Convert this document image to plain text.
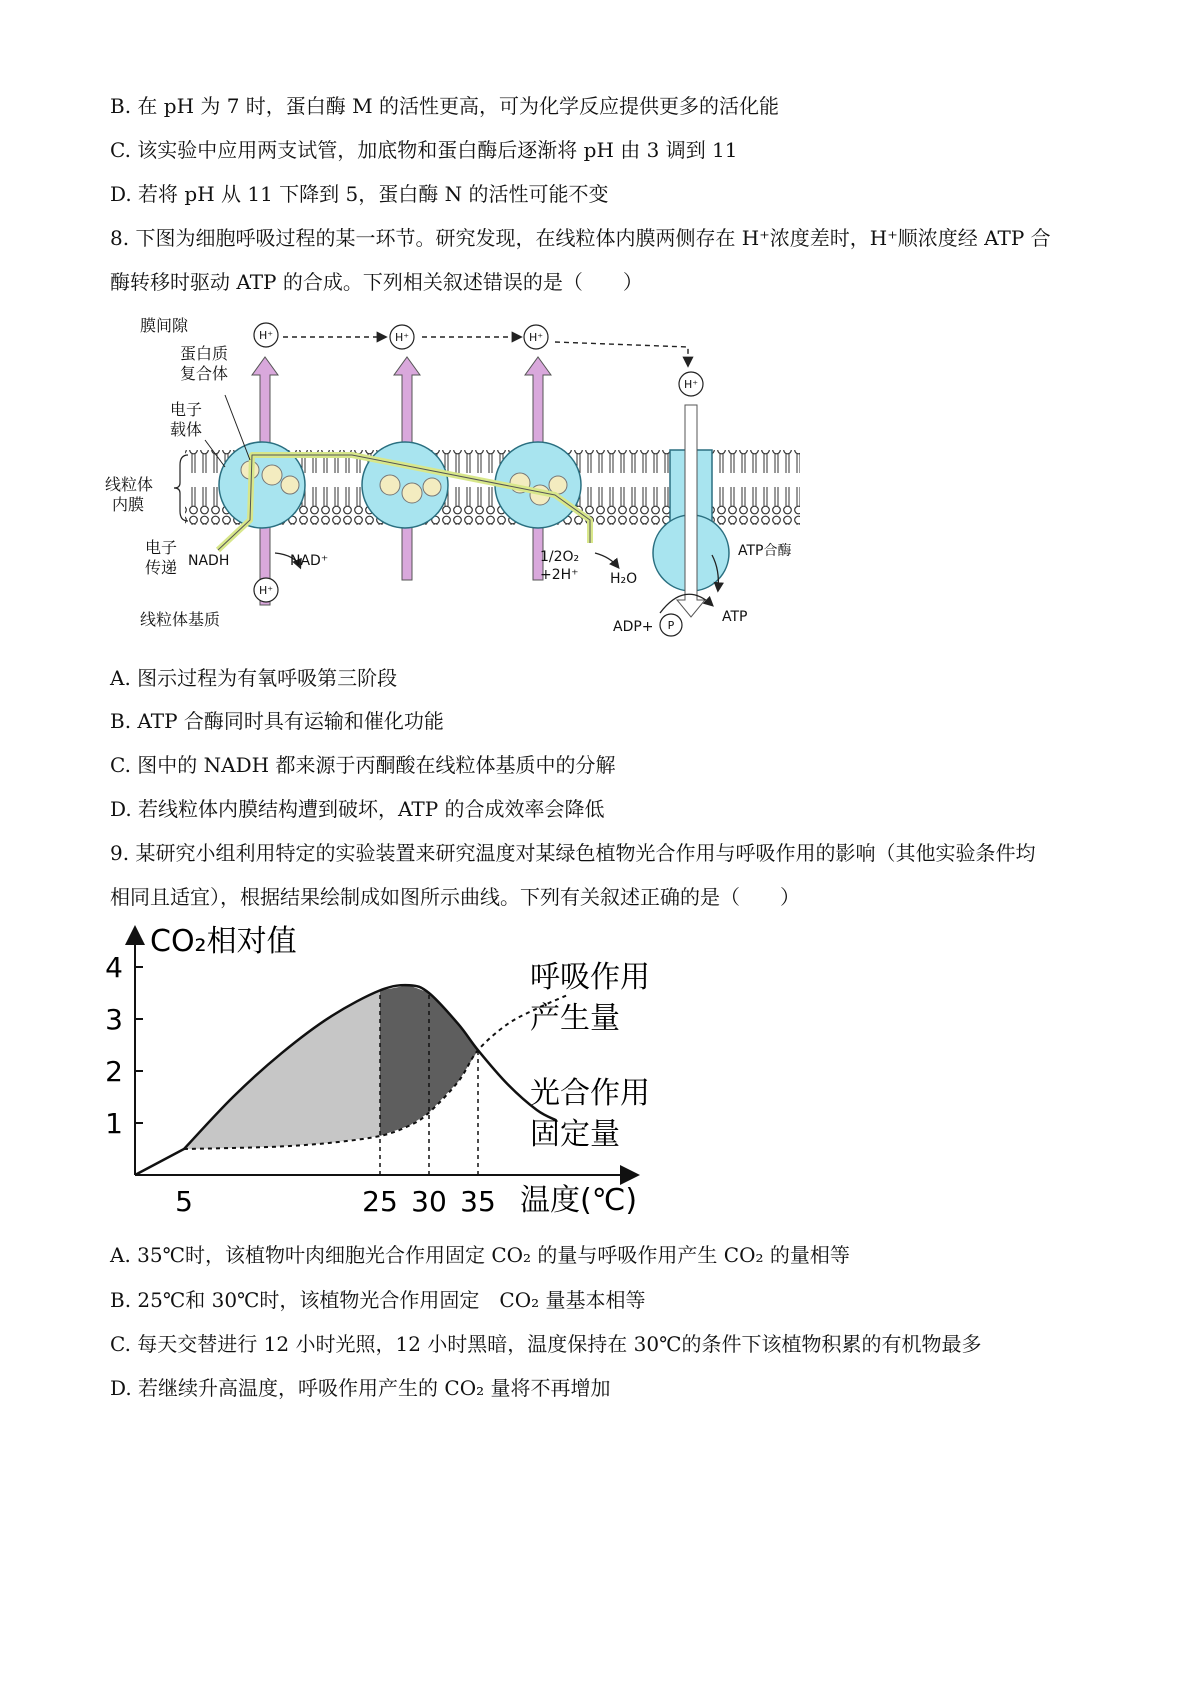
B. 在 pH 为 7 时，蛋白酶 M 的活性更高，可为化学反应提供更多的活化能
C. 该实验中应用两支试管，加底物和蛋白酶后逐渐将 pH 由 3 调到 11
D. 若将 pH 从 11 下降到 5，蛋白酶 N 的活性可能不变
8. 下图为细胞呼吸过程的某一环节。研究发现，在线粒体内膜两侧存在 H⁺浓度差时，H⁺顺浓度经 ATP 合
酶转移时驱动 ATP 的合成。下列相关叙述错误的是（　　）
H⁺	H⁺	H⁺
H⁺
H⁺
P
膜间隙
蛋白质
复合体
电子
载体
线粒体
内膜
电子
传递
线粒体基质
NADH	NAD⁺	1/2O₂
+2H⁺ H₂O
ATP合酶
ADP+
ATP
A. 图示过程为有氧呼吸第三阶段
B. ATP 合酶同时具有运输和催化功能
C. 图中的 NADH 都来源于丙酮酸在线粒体基质中的分解
D. 若线粒体内膜结构遭到破坏，ATP 的合成效率会降低
9. 某研究小组利用特定的实验装置来研究温度对某绿色植物光合作用与呼吸作用的影响（其他实验条件均
相同且适宜），根据结果绘制成如图所示曲线。下列有关叙述正确的是（　　）
5	25 30 35
1
2
3
4
CO₂相对值
温度(℃)
呼吸作用
产生量
光合作用
固定量
A. 35℃时，该植物叶肉细胞光合作用固定 CO₂ 的量与呼吸作用产生 CO₂ 的量相等
B. 25℃和 30℃时，该植物光合作用固定　CO₂ 量基本相等
C. 每天交替进行 12 小时光照，12 小时黑暗，温度保持在 30℃的条件下该植物积累的有机物最多
D. 若继续升高温度，呼吸作用产生的 CO₂ 量将不再增加
